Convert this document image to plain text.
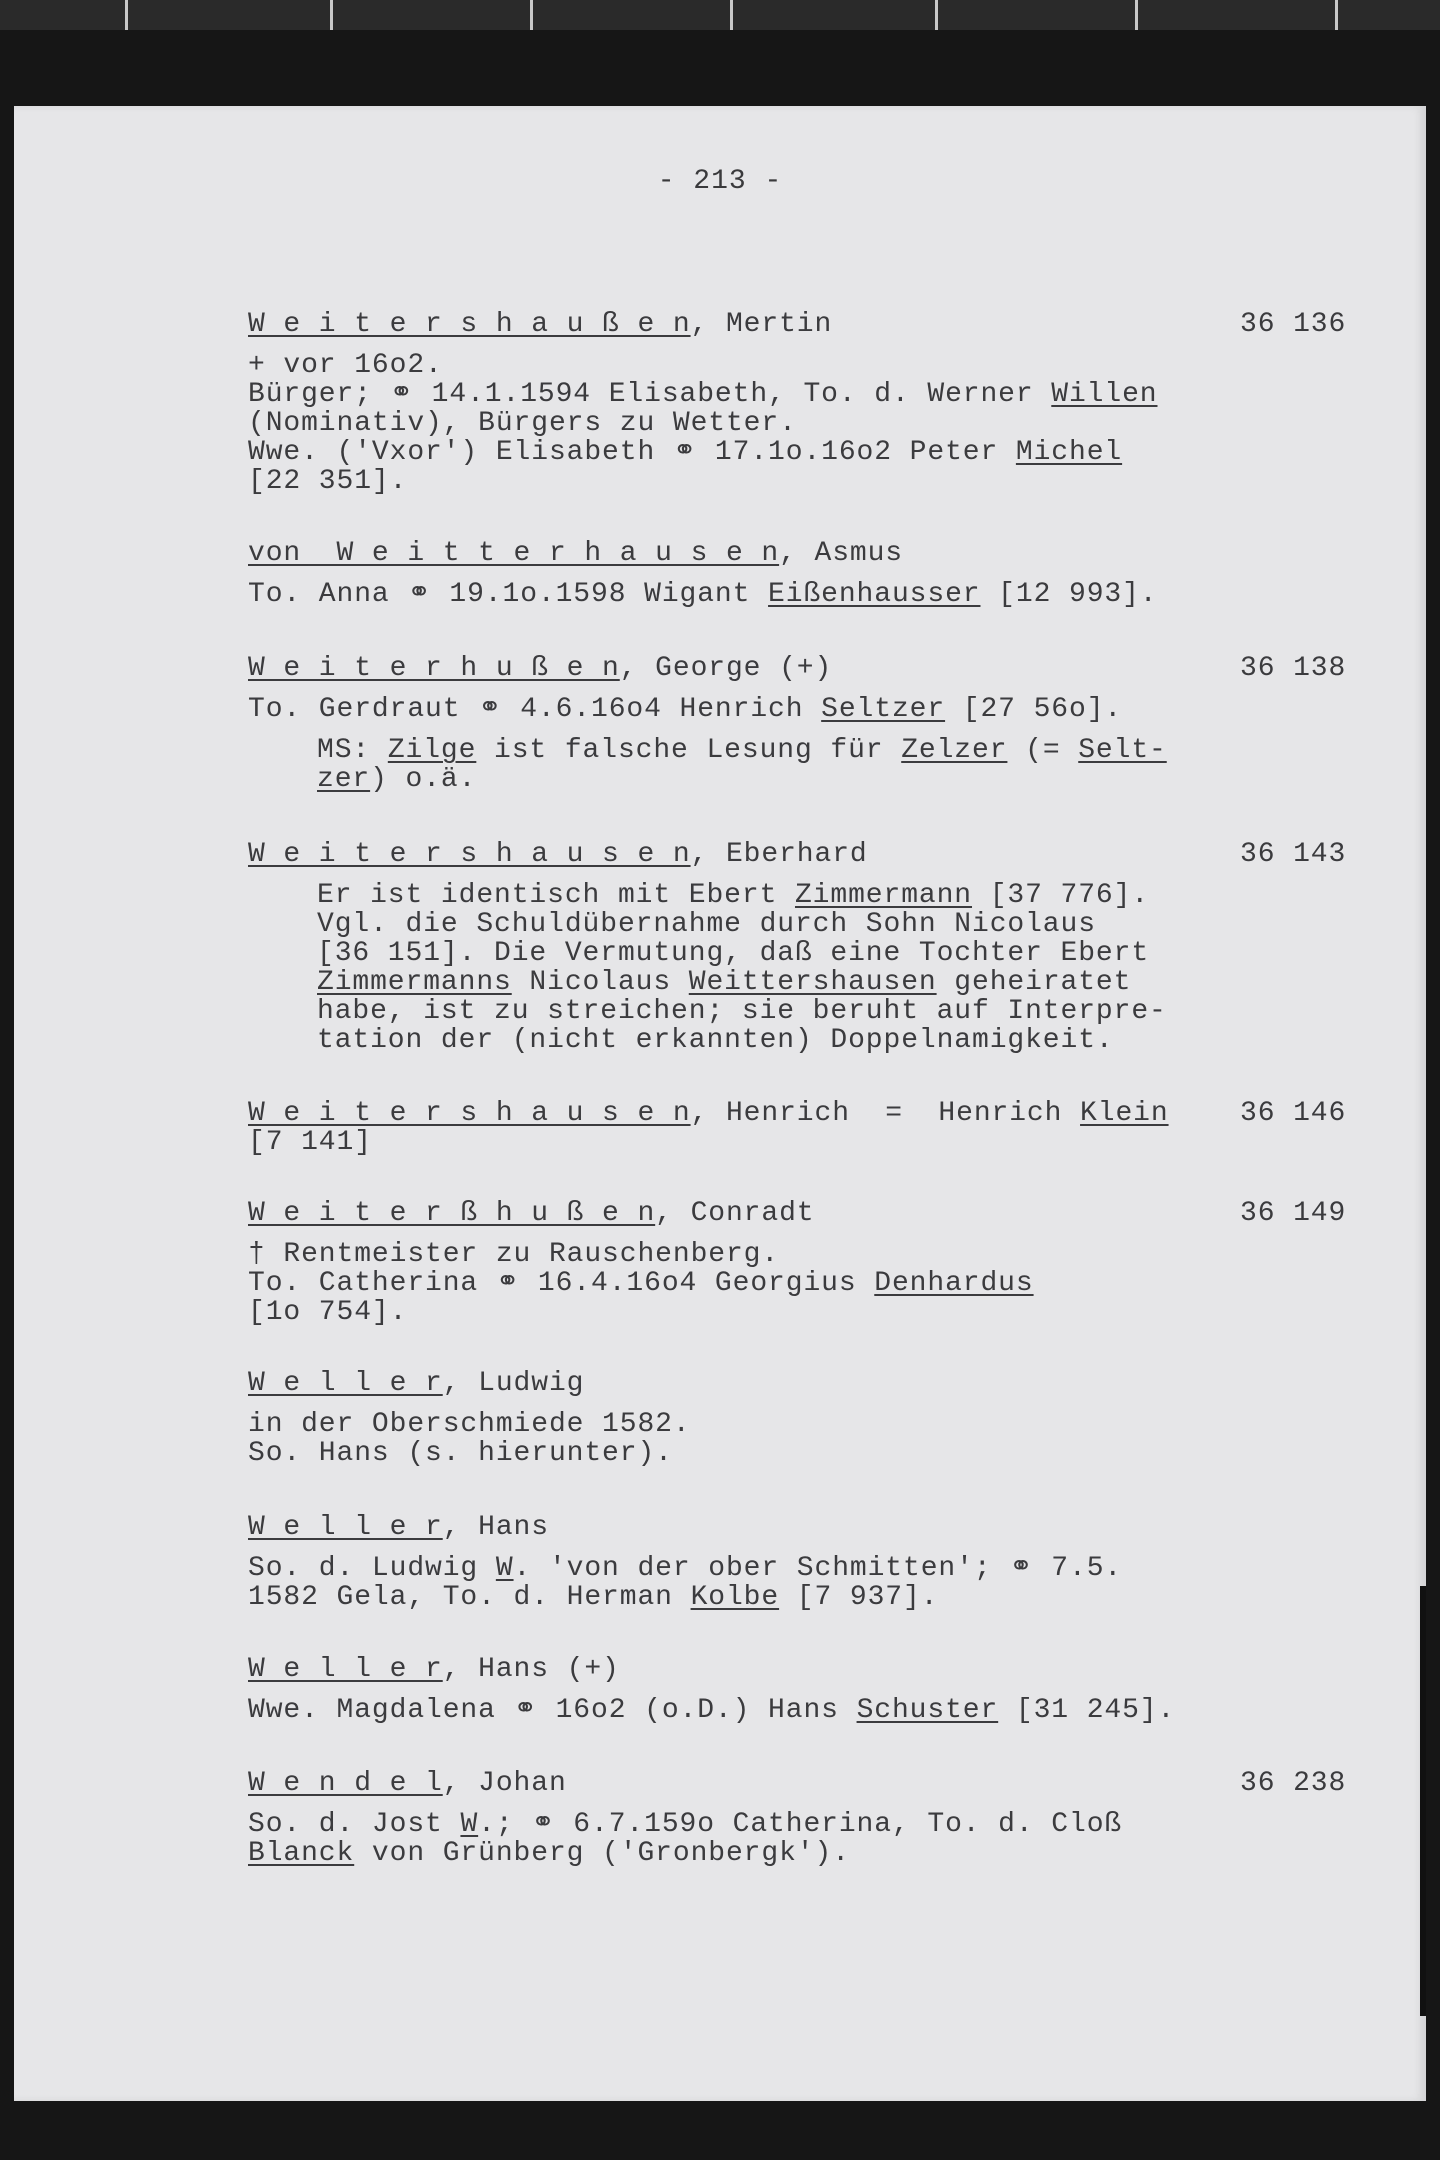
- 213 -
W e i t e r s h a u ß e n, Mertin	36 136
+ vor 16o2.
Bürger; ⚭ 14.1.1594 Elisabeth, To. d. Werner Willen
(Nominativ), Bürgers zu Wetter.
Wwe. ('Vxor') Elisabeth ⚭ 17.1o.16o2 Peter Michel
[22 351].
von  W e i t t e r h a u s e n, Asmus
To. Anna ⚭ 19.1o.1598 Wigant Eißenhausser [12 993].
W e i t e r h u ß e n, George (+)	36 138
To. Gerdraut ⚭ 4.6.16o4 Henrich Seltzer [27 56o].
MS: Zilge ist falsche Lesung für Zelzer (= Selt-
zer) o.ä.
W e i t e r s h a u s e n, Eberhard	36 143
Er ist identisch mit Ebert Zimmermann [37 776].
Vgl. die Schuldübernahme durch Sohn Nicolaus
[36 151]. Die Vermutung, daß eine Tochter Ebert
Zimmermanns Nicolaus Weittershausen geheiratet
habe, ist zu streichen; sie beruht auf Interpre-
tation der (nicht erkannten) Doppelnamigkeit.
W e i t e r s h a u s e n, Henrich  =  Henrich Klein	36 146
[7 141]
W e i t e r ß h u ß e n, Conradt	36 149
† Rentmeister zu Rauschenberg.
To. Catherina ⚭ 16.4.16o4 Georgius Denhardus
[1o 754].
W e l l e r, Ludwig
in der Oberschmiede 1582.
So. Hans (s. hierunter).
W e l l e r, Hans
So. d. Ludwig W. 'von der ober Schmitten'; ⚭ 7.5.
1582 Gela, To. d. Herman Kolbe [7 937].
W e l l e r, Hans (+)
Wwe. Magdalena ⚭ 16o2 (o.D.) Hans Schuster [31 245].
W e n d e l, Johan	36 238
So. d. Jost W.; ⚭ 6.7.159o Catherina, To. d. Cloß
Blanck von Grünberg ('Gronbergk').
